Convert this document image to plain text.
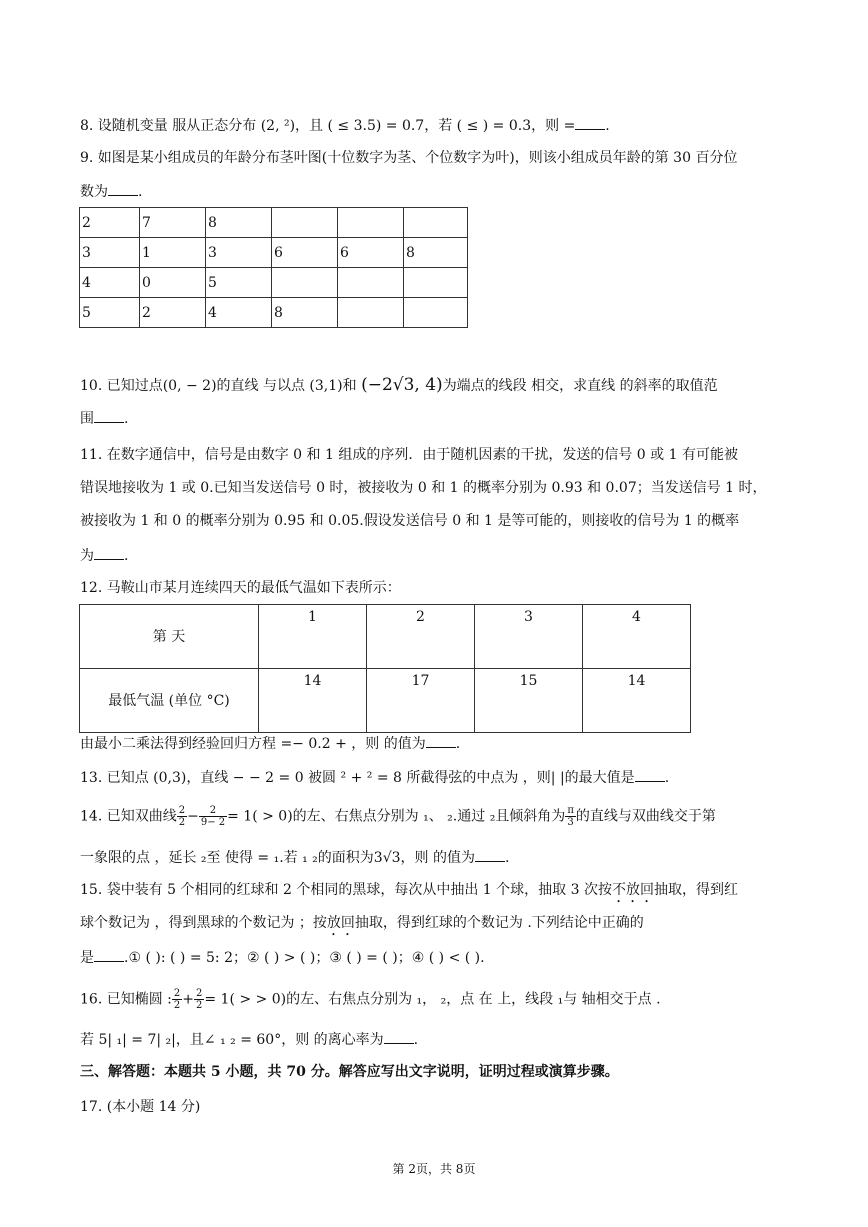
8. 设随机变量 服从正态分布 (2, ²)，且 ( ≤ 3.5) = 0.7，若 ( ≤ ) = 0.3，则 = .
9. 如图是某小组成员的年龄分布茎叶图(十位数字为茎、个位数字为叶)，则该小组成员年龄的第 30 百分位
数为 .
2	7	8			
3	1	3	6	6	8
4	0	5			
5	2	4	8		
10. 已知过点(0, − 2)的直线 与以点 (3,1)和 (−2√3, 4)为端点的线段 相交，求直线 的斜率的取值范
围 .
11. 在数字通信中，信号是由数字 0 和 1 组成的序列．由于随机因素的干扰，发送的信号 0 或 1 有可能被
错误地接收为 1 或 0.已知当发送信号 0 时，被接收为 0 和 1 的概率分别为 0.93 和 0.07；当发送信号 1 时，
被接收为 1 和 0 的概率分别为 0.95 和 0.05.假设发送信号 0 和 1 是等可能的，则接收的信号为 1 的概率
为 .
12. 马鞍山市某月连续四天的最低气温如下表所示：
第 天	1	2	3	4
最低气温 (单位 °C)	14	17	15	14
由最小二乘法得到经验回归方程 =− 0.2 + ，则 的值为 .
13. 已知点 (0,3)，直线 − − 2 = 0 被圆 ² + ² = 8 所截得弦的中点为 ，则| |的最大值是 .
14. 已知双曲线 $\frac{2}{2} - \frac{2}{9- 2} = 1( > 0)$的左、右焦点分别为 ₁、 ₂.通过 ₂且倾斜角为 $\frac{\pi}{3}$ 的直线与双曲线交于第
一象限的点 ，延长 ₂至 使得 = ₁.若 ₁ ₂的面积为3√3，则 的值为 .
15. 袋中装有 5 个相同的红球和 2 个相同的黑球，每次从中抽出 1 个球，抽取 3 次按不放回抽取，得到红
球个数记为 ，得到黑球的个数记为 ；按放回抽取，得到红球的个数记为 .下列结论中正确的
是 .① ( ): ( ) = 5: 2；② ( ) > ( )；③ ( ) = ( )；④ ( ) < ( ).
16. 已知椭圆 : $\frac{2}{2} + \frac{2}{2} = 1$( > > 0)的左、右焦点分别为 ₁， ₂，点 在 上，线段 ₁与 轴相交于点 .
若 5| ₁| = 7| ₂|，且∠ ₁ ₂ = 60°，则 的离心率为 .
三、解答题：本题共 5 小题，共 70 分。解答应写出文字说明，证明过程或演算步骤。
17. (本小题 14 分)
第 2页，共 8页
